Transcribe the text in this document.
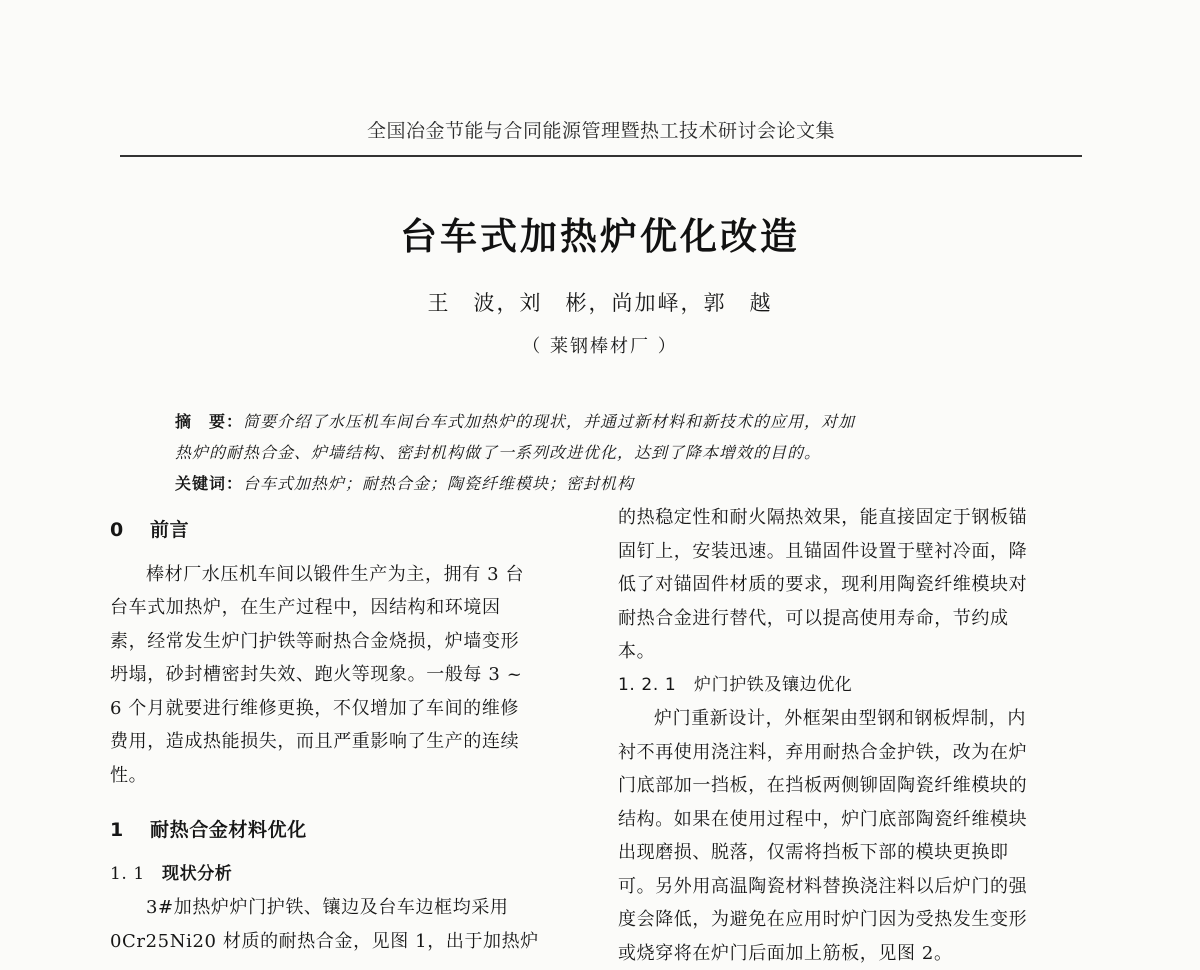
全国冶金节能与合同能源管理暨热工技术研讨会论文集
台车式加热炉优化改造
王　波，刘　彬，尚加峄，郭　越
（ 莱钢棒材厂 ）

摘　要：简要介绍了水压机车间台车式加热炉的现状，并通过新材料和新技术的应用，对加

热炉的耐热合金、炉墙结构、密封机构做了一系列改进优化，达到了降本增效的目的。

关键词：台车式加热炉；耐热合金；陶瓷纤维模块；密封机构

0 前言

棒材厂水压机车间以锻件生产为主，拥有 3 台

台车式加热炉，在生产过程中，因结构和环境因

素，经常发生炉门护铁等耐热合金烧损，炉墙变形

坍塌，砂封槽密封失效、跑火等现象。一般每 3 ~

6 个月就要进行维修更换，不仅增加了车间的维修

费用，造成热能损失，而且严重影响了生产的连续

性。

1 耐热合金材料优化

1. 1 现状分析

3#加热炉炉门护铁、镶边及台车边框均采用

0Cr25Ni20 材质的耐热合金，见图 1，出于加热炉

的热稳定性和耐火隔热效果，能直接固定于钢板锚

固钉上，安装迅速。且锚固件设置于壁衬冷面，降

低了对锚固件材质的要求，现利用陶瓷纤维模块对

耐热合金进行替代，可以提高使用寿命，节约成

本。

1. 2. 1 炉门护铁及镶边优化

炉门重新设计，外框架由型钢和钢板焊制，内

衬不再使用浇注料，弃用耐热合金护铁，改为在炉

门底部加一挡板，在挡板两侧铆固陶瓷纤维模块的

结构。如果在使用过程中，炉门底部陶瓷纤维模块

出现磨损、脱落，仅需将挡板下部的模块更换即

可。另外用高温陶瓷材料替换浇注料以后炉门的强

度会降低，为避免在应用时炉门因为受热发生变形

或烧穿将在炉门后面加上筋板，见图 2。
